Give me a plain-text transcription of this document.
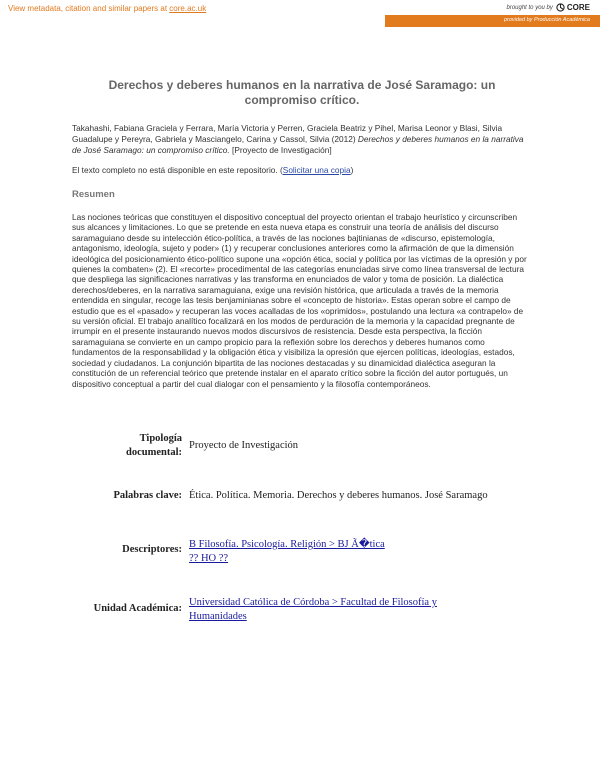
View metadata, citation and similar papers at core.ac.uk	brought to you by CORE
provided by Producción Académica
Derechos y deberes humanos en la narrativa de José Saramago: un compromiso crítico.
Takahashi, Fabiana Graciela y Ferrara, María Victoria y Perren, Graciela Beatriz y Pihel, Marisa Leonor y Blasi, Silvia Guadalupe y Pereyra, Gabriela y Masciangelo, Carina y Cassol, Silvia (2012) Derechos y deberes humanos en la narrativa de José Saramago: un compromiso crítico. [Proyecto de Investigación]
El texto completo no está disponible en este repositorio. (Solicitar una copia)
Resumen
Las nociones teóricas que constituyen el dispositivo conceptual del proyecto orientan el trabajo heurístico y circunscriben sus alcances y limitaciones. Lo que se pretende en esta nueva etapa es construir una teoría de análisis del discurso saramaguiano desde su intelección ético-política, a través de las nociones bajtinianas de «discurso, epistemología, antagonismo, ideología, sujeto y poder» (1) y recuperar conclusiones anteriores como la afirmación de que la dimensión ideológica del posicionamiento ético-político supone una «opción ética, social y política por las víctimas de la opresión y por quienes la combaten» (2). El «recorte» procedimental de las categorías enunciadas sirve como línea transversal de lectura que despliega las significaciones narrativas y las transforma en enunciados de valor y toma de posición. La dialéctica derechos/deberes, en la narrativa saramaguiana, exige una revisión histórica, que articulada a través de la memoria entendida en singular, recoge las tesis benjaminianas sobre el «concepto de historia». Estas operan sobre el campo de estudio que es el «pasado» y recuperan las voces acalladas de los «oprimidos», postulando una lectura «a contrapelo» de su versión oficial. El trabajo analítico focalizará en los modos de perduración de la memoria y la capacidad pregnante de irrumpir en el presente instaurando nuevos modos discursivos de resistencia. Desde esta perspectiva, la ficción saramaguiana se convierte en un campo propicio para la reflexión sobre los derechos y deberes humanos como fundamentos de la responsabilidad y la obligación ética y visibiliza la opresión que ejercen políticas, ideologías, estados, sociedad y ciudadanos. La conjunción bipartita de las nociones destacadas y su dinamicidad dialéctica aseguran la constitución de un referencial teórico que pretende instalar en el aparato crítico sobre la ficción del autor portugués, un dispositivo conceptual a partir del cual dialogar con el pensamiento y la filosofía contemporáneos.
Tipología
documental:
Proyecto de Investigación
Palabras clave: Ética. Política. Memoria. Derechos y deberes humanos. José Saramago
Descriptores: B Filosofía. Psicología. Religión > BJ Ã�tica
?? HO ??
Unidad Académica:
Universidad Católica de Córdoba > Facultad de Filosofía y
Humanidades
